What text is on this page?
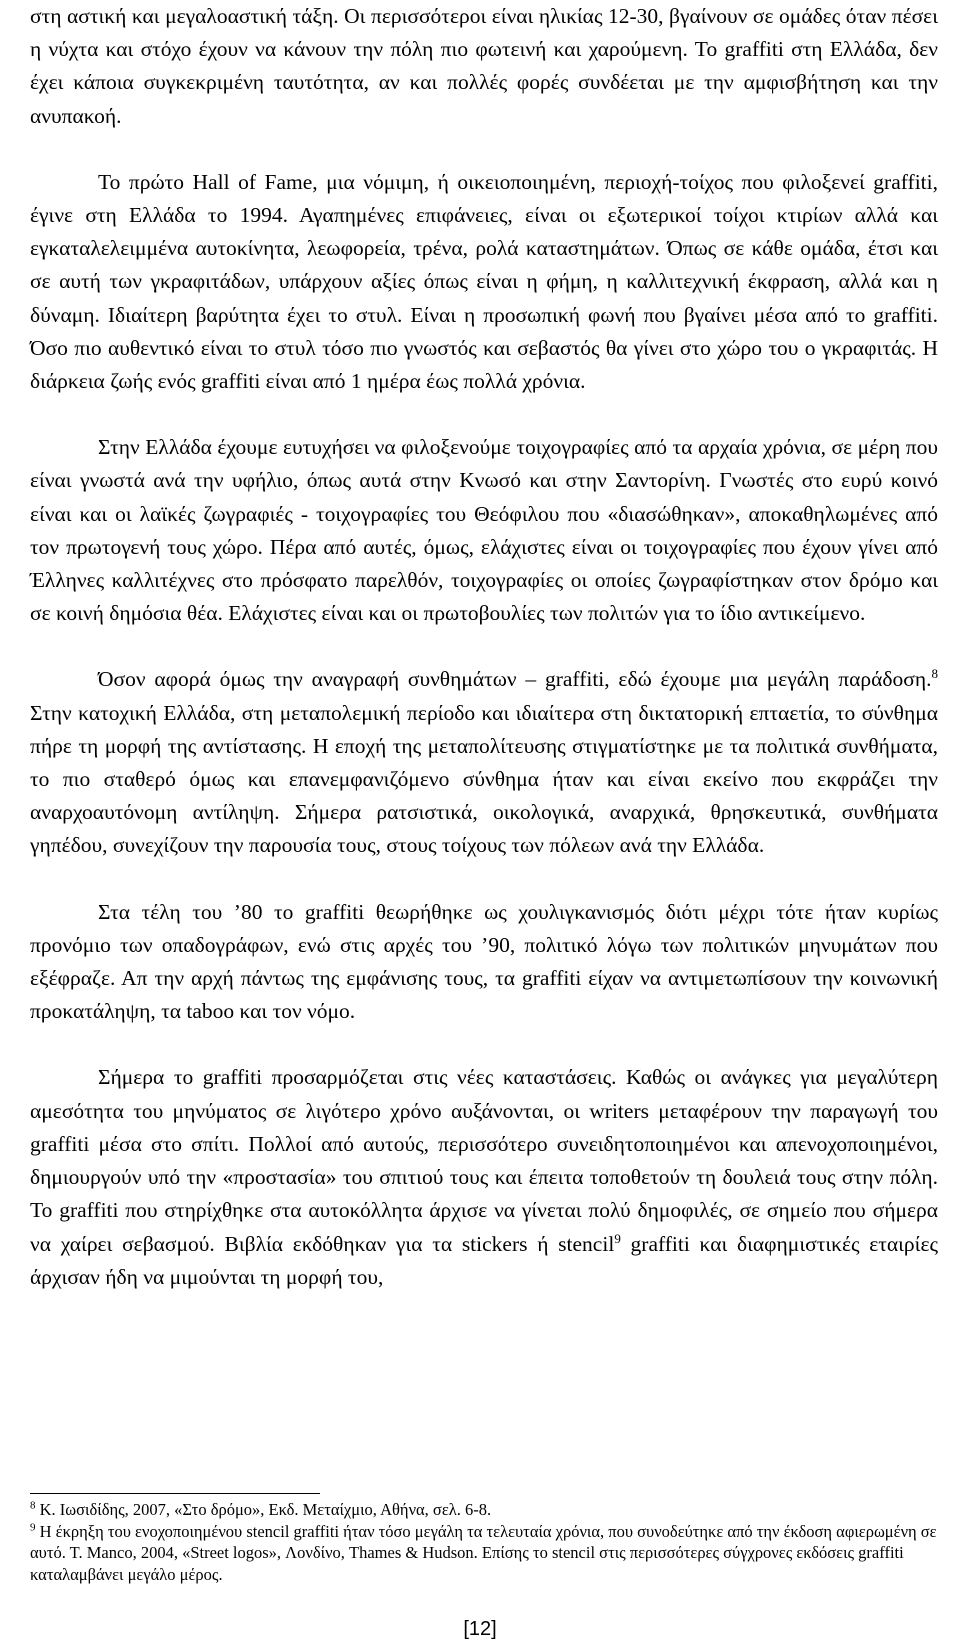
στη αστική και μεγαλοαστική τάξη. Οι περισσότεροι είναι ηλικίας 12-30, βγαίνουν σε ομάδες όταν πέσει η νύχτα και στόχο έχουν να κάνουν την πόλη πιο φωτεινή και χαρούμενη. Το graffiti στη Ελλάδα, δεν έχει κάποια συγκεκριμένη ταυτότητα, αν και πολλές φορές συνδέεται με την αμφισβήτηση και την ανυπακοή.

Το πρώτο Hall of Fame, μια νόμιμη, ή οικειοποιημένη, περιοχή-τοίχος που φιλοξενεί graffiti, έγινε στη Ελλάδα το 1994. Αγαπημένες επιφάνειες, είναι οι εξωτερικοί τοίχοι κτιρίων αλλά και εγκαταλελειμμένα αυτοκίνητα, λεωφορεία, τρένα, ρολά καταστημάτων. Όπως σε κάθε ομάδα, έτσι και σε αυτή των γκραφιτάδων, υπάρχουν αξίες όπως είναι η φήμη, η καλλιτεχνική έκφραση, αλλά και η δύναμη. Ιδιαίτερη βαρύτητα έχει το στυλ. Είναι η προσωπική φωνή που βγαίνει μέσα από το graffiti. Όσο πιο αυθεντικό είναι το στυλ τόσο πιο γνωστός και σεβαστός θα γίνει στο χώρο του ο γκραφιτάς. Η διάρκεια ζωής ενός graffiti είναι από 1 ημέρα έως πολλά χρόνια.

Στην Ελλάδα έχουμε ευτυχήσει να φιλοξενούμε τοιχογραφίες από τα αρχαία χρόνια, σε μέρη που είναι γνωστά ανά την υφήλιο, όπως αυτά στην Κνωσό και στην Σαντορίνη. Γνωστές στο ευρύ κοινό είναι και οι λαϊκές ζωγραφιές - τοιχογραφίες του Θεόφιλου που «διασώθηκαν», αποκαθηλωμένες από τον πρωτογενή τους χώρο. Πέρα από αυτές, όμως, ελάχιστες είναι οι τοιχογραφίες που έχουν γίνει από Έλληνες καλλιτέχνες στο πρόσφατο παρελθόν, τοιχογραφίες οι οποίες ζωγραφίστηκαν στον δρόμο και σε κοινή δημόσια θέα. Ελάχιστες είναι και οι πρωτοβουλίες των πολιτών για το ίδιο αντικείμενο.

Όσον αφορά όμως την αναγραφή συνθημάτων – graffiti, εδώ έχουμε μια μεγάλη παράδοση.$^8$ Στην κατοχική Ελλάδα, στη μεταπολεμική περίοδο και ιδιαίτερα στη δικτατορική επταετία, το σύνθημα πήρε τη μορφή της αντίστασης. Η εποχή της μεταπολίτευσης στιγματίστηκε με τα πολιτικά συνθήματα, το πιο σταθερό όμως και επανεμφανιζόμενο σύνθημα ήταν και είναι εκείνο που εκφράζει την αναρχοαυτόνομη αντίληψη. Σήμερα ρατσιστικά, οικολογικά, αναρχικά, θρησκευτικά, συνθήματα γηπέδου, συνεχίζουν την παρουσία τους, στους τοίχους των πόλεων ανά την Ελλάδα.

Στα τέλη του ’80 το graffiti θεωρήθηκε ως χουλιγκανισμός διότι μέχρι τότε ήταν κυρίως προνόμιο των οπαδογράφων, ενώ στις αρχές του ’90, πολιτικό λόγω των πολιτικών μηνυμάτων που εξέφραζε. Απ την αρχή πάντως της εμφάνισης τους, τα graffiti είχαν να αντιμετωπίσουν την κοινωνική προκατάληψη, τα taboo και τον νόμο.

Σήμερα το graffiti προσαρμόζεται στις νέες καταστάσεις. Καθώς οι ανάγκες για μεγαλύτερη αμεσότητα του μηνύματος σε λιγότερο χρόνο αυξάνονται, οι writers μεταφέρουν την παραγωγή του graffiti μέσα στο σπίτι. Πολλοί από αυτούς, περισσότερο συνειδητοποιημένοι και απενοχοποιημένοι, δημιουργούν υπό την «προστασία» του σπιτιού τους και έπειτα τοποθετούν τη δουλειά τους στην πόλη. Το graffiti που στηρίχθηκε στα αυτοκόλλητα άρχισε να γίνεται πολύ δημοφιλές, σε σημείο που σήμερα να χαίρει σεβασμού. Βιβλία εκδόθηκαν για τα stickers ή stencil$^9$ graffiti και διαφημιστικές εταιρίες άρχισαν ήδη να μιμούνται τη μορφή του,

$^8$ Κ. Ιωσιδίδης, 2007, «Στο δρόμο», Εκδ. Μεταίχμιο, Αθήνα, σελ. 6-8.

$^9$ Η έκρηξη του ενοχοποιημένου stencil graffiti ήταν τόσο μεγάλη τα τελευταία χρόνια, που συνοδεύτηκε από την έκδοση αφιερωμένη σε αυτό. Τ. Manco, 2004, «Street logos», Λονδίνο, Thames & Hudson. Επίσης το stencil στις περισσότερες σύγχρονες εκδόσεις graffiti καταλαμβάνει μεγάλο μέρος.

[12]
